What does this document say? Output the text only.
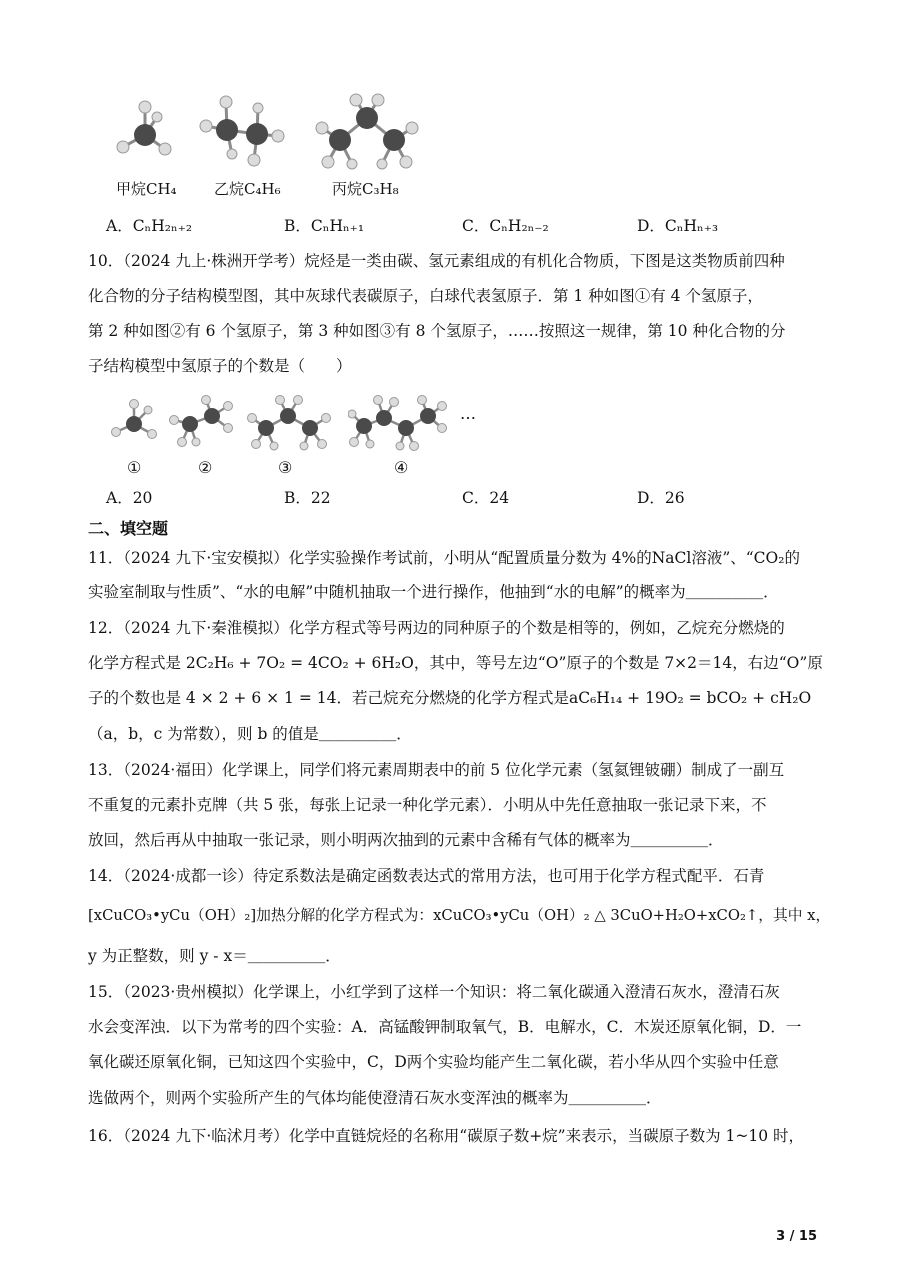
甲烷CH₄ 乙烷C₄H₆	丙烷C₃H₈
A．CₙH₂ₙ₊₂	B．CₙHₙ₊₁	C．CₙH₂ₙ₋₂	D．CₙHₙ₊₃
10．（2024 九上·株洲开学考）烷烃是一类由碳、氢元素组成的有机化合物质，下图是这类物质前四种
化合物的分子结构模型图，其中灰球代表碳原子，白球代表氢原子．第 1 种如图①有 4 个氢原子，
第 2 种如图②有 6 个氢原子，第 3 种如图③有 8 个氢原子，……按照这一规律，第 10 种化合物的分
子结构模型中氢原子的个数是（　　）
…
①	②	③	④
A．20	B．22	C．24	D．26
二、填空题
11．（2024 九下·宝安模拟）化学实验操作考试前，小明从“配置质量分数为 4%的NaCl溶液”、“CO₂的
实验室制取与性质”、“水的电解”中随机抽取一个进行操作，他抽到“水的电解”的概率为＿＿＿＿＿．
12．（2024 九下·秦淮模拟）化学方程式等号两边的同种原子的个数是相等的，例如，乙烷充分燃烧的
化学方程式是 2C₂H₆ + 7O₂ = 4CO₂ + 6H₂O，其中，等号左边“O”原子的个数是 7×2＝14，右边“O”原
子的个数也是 4 × 2 + 6 × 1 = 14．若己烷充分燃烧的化学方程式是aC₆H₁₄ + 19O₂ = bCO₂ + cH₂O
（a，b，c 为常数），则 b 的值是＿＿＿＿＿．
13．（2024·福田）化学课上，同学们将元素周期表中的前 5 位化学元素（氢氦锂铍硼）制成了一副互
不重复的元素扑克牌（共 5 张，每张上记录一种化学元素）．小明从中先任意抽取一张记录下来，不
放回，然后再从中抽取一张记录，则小明两次抽到的元素中含稀有气体的概率为＿＿＿＿＿．
14．（2024·成都一诊）待定系数法是确定函数表达式的常用方法，也可用于化学方程式配平．石青
[xCuCO₃•yCu（OH）₂]加热分解的化学方程式为：xCuCO₃•yCu（OH）₂ △ 3CuO+H₂O+xCO₂↑，其中 x，
y 为正整数，则 y - x＝＿＿＿＿＿．
15．（2023·贵州模拟）化学课上，小红学到了这样一个知识：将二氧化碳通入澄清石灰水，澄清石灰
水会变浑浊．以下为常考的四个实验：A．高锰酸钾制取氧气，B．电解水，C．木炭还原氧化铜，D．一
氧化碳还原氧化铜，已知这四个实验中，C，D两个实验均能产生二氧化碳，若小华从四个实验中任意
选做两个，则两个实验所产生的气体均能使澄清石灰水变浑浊的概率为＿＿＿＿＿．
16．（2024 九下·临沭月考）化学中直链烷烃的名称用“碳原子数+烷”来表示，当碳原子数为 1~10 时，
3 / 15
